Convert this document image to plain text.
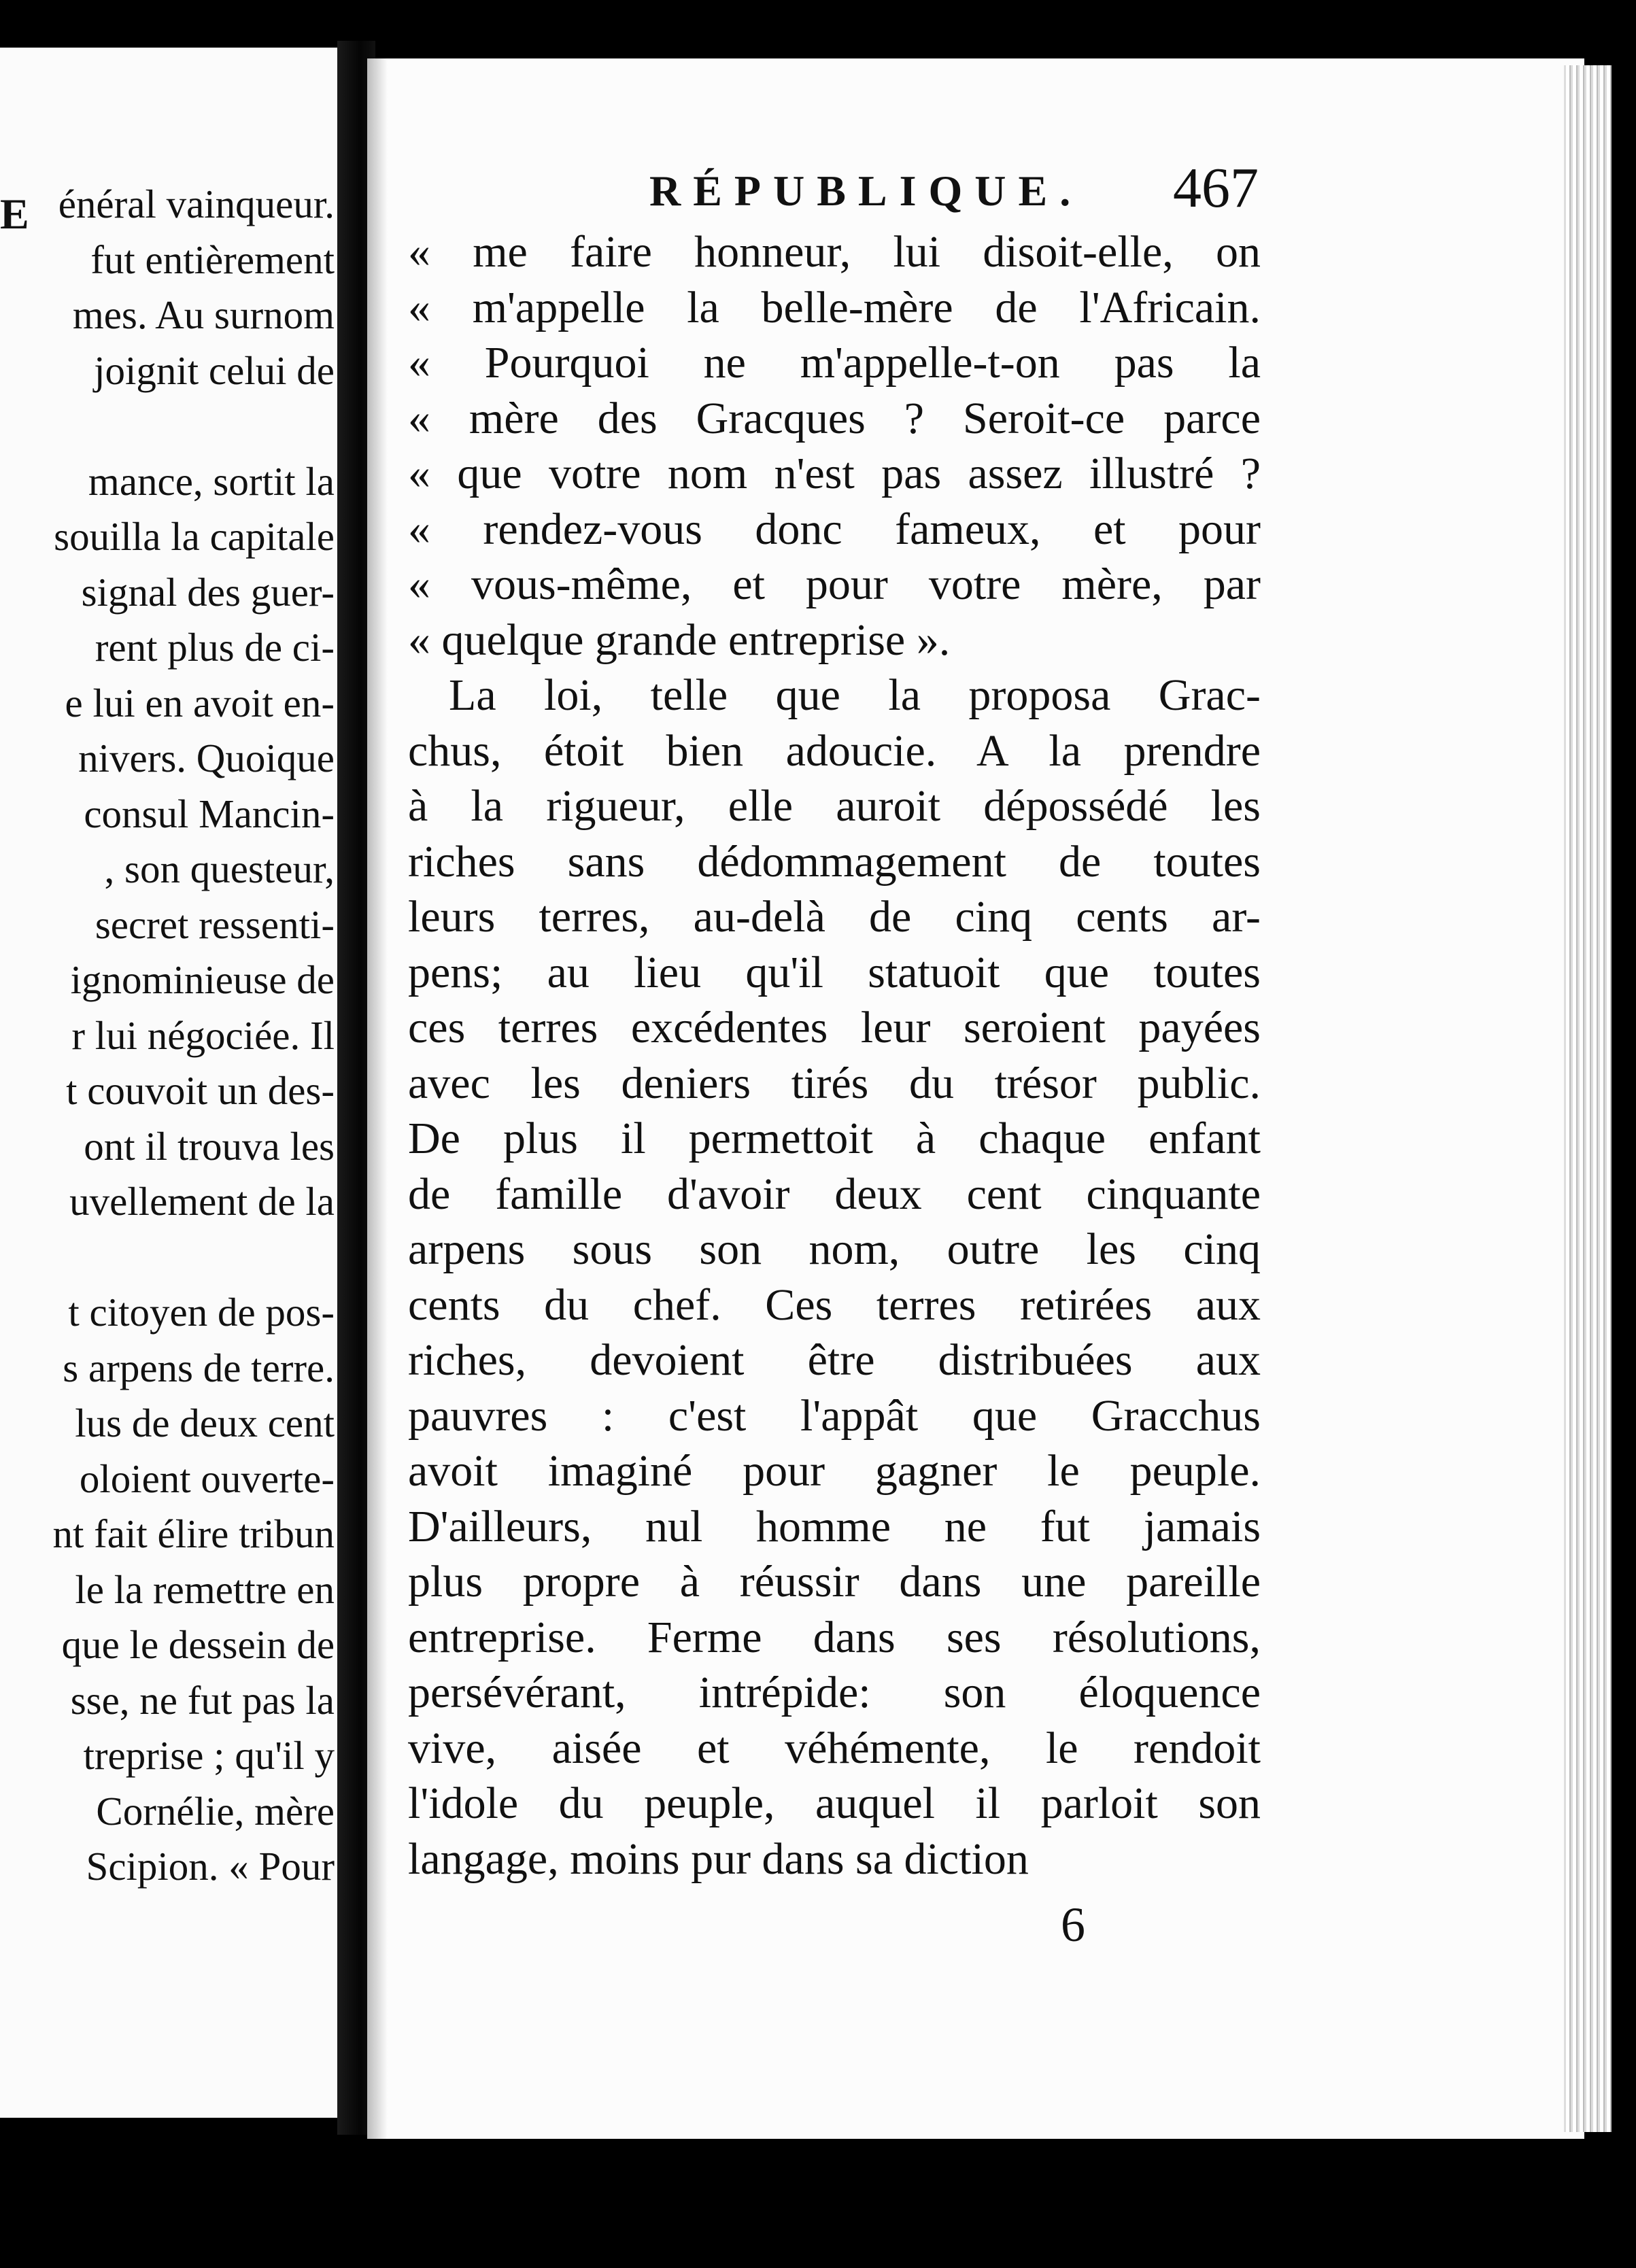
E énéral vainqueur.
fut entièrement
mes. Au surnom
joignit celui de

mance, sortit la
souilla la capitale
signal des guer-
rent plus de ci-
e lui en avoit en-
nivers. Quoique
consul Mancin-
, son questeur,
secret ressenti-
ignominieuse de
r lui négociée. Il
t couvoit un des-
ont il trouva les
uvellement de la

t citoyen de pos-
s arpens de terre.
lus de deux cent
oloient ouverte-
nt fait élire tribun
le la remettre en
que le dessein de
sse, ne fut pas la
treprise ; qu'il y
Cornélie, mère
Scipion. « Pour
RÉPUBLIQUE. 467
« me faire honneur, lui disoit-elle, on
« m'appelle la belle-mère de l'Africain.
« Pourquoi ne m'appelle-t-on pas la
« mère des Gracques ? Seroit-ce parce
« que votre nom n'est pas assez illustré ?
« rendez-vous donc fameux, et pour
« vous-même, et pour votre mère, par
« quelque grande entreprise ».
La loi, telle que la proposa Grac-
chus, étoit bien adoucie. A la prendre
à la rigueur, elle auroit dépossédé les
riches sans dédommagement de toutes
leurs terres, au-delà de cinq cents ar-
pens; au lieu qu'il statuoit que toutes
ces terres excédentes leur seroient payées
avec les deniers tirés du trésor public.
De plus il permettoit à chaque enfant
de famille d'avoir deux cent cinquante
arpens sous son nom, outre les cinq
cents du chef. Ces terres retirées aux
riches, devoient être distribuées aux
pauvres : c'est l'appât que Gracchus
avoit imaginé pour gagner le peuple.
D'ailleurs, nul homme ne fut jamais
plus propre à réussir dans une pareille
entreprise. Ferme dans ses résolutions,
persévérant, intrépide: son éloquence
vive, aisée et véhémente, le rendoit
l'idole du peuple, auquel il parloit son
langage, moins pur dans sa diction
6
